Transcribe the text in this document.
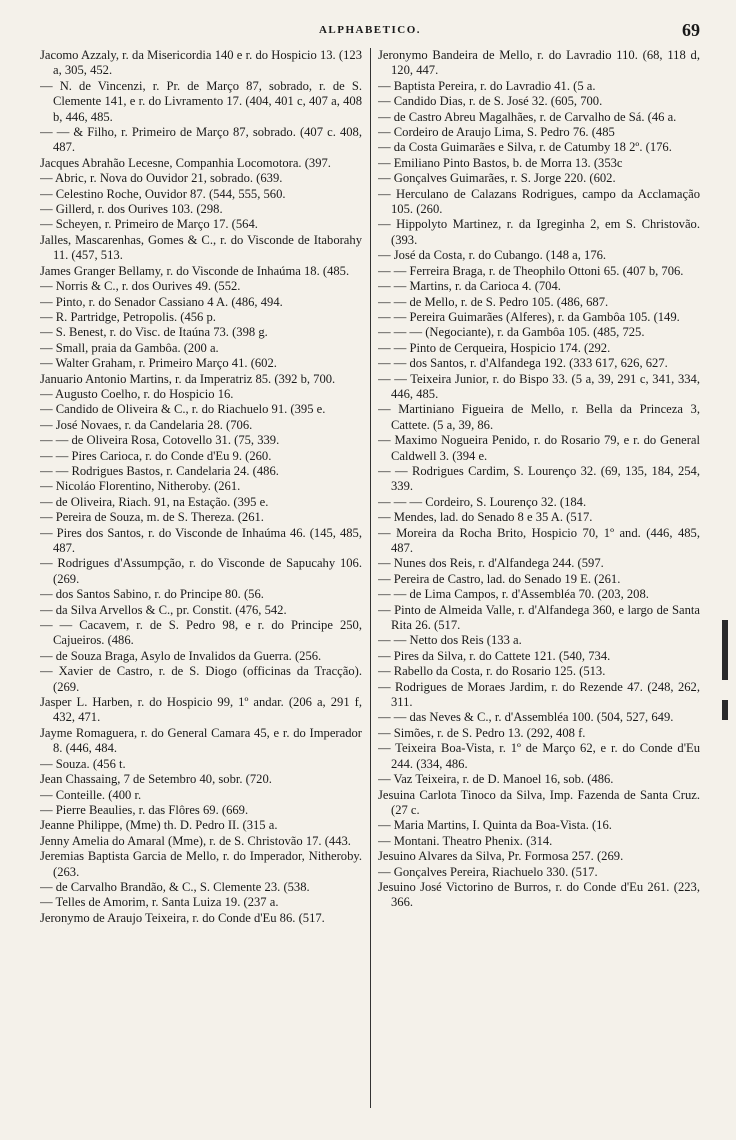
ALPHABETICO.	69

Jacomo Azzaly, r. da Misericordia 140 e r. do Hospicio 13. (123 a, 305, 452.

— N. de Vincenzi, r. Pr. de Março 87, sobrado, r. de S. Clemente 141, e r. do Livramento 17. (404, 401 c, 407 a, 408 b, 446, 485.

— — & Filho, r. Primeiro de Março 87, sobrado. (407 c. 408, 487.

Jacques Abrahão Lecesne, Companhia Locomotora. (397.

— Abric, r. Nova do Ouvidor 21, sobrado. (639.

— Celestino Roche, Ouvidor 87. (544, 555, 560.

— Gillerd, r. dos Ourives 103. (298.

— Scheyen, r. Primeiro de Março 17. (564.

Jalles, Mascarenhas, Gomes & C., r. do Visconde de Itaborahy 11. (457, 513.

James Granger Bellamy, r. do Visconde de Inhaúma 18. (485.

— Norris & C., r. dos Ourives 49. (552.

— Pinto, r. do Senador Cassiano 4 A. (486, 494.

— R. Partridge, Petropolis. (456 p.

— S. Benest, r. do Visc. de Itaúna 73. (398 g.

— Small, praia da Gambôa. (200 a.

— Walter Graham, r. Primeiro Março 41. (602.

Januario Antonio Martins, r. da Imperatriz 85. (392 b, 700.

— Augusto Coelho, r. do Hospicio 16.

— Candido de Oliveira & C., r. do Riachuelo 91. (395 e.

— José Novaes, r. da Candelaria 28. (706.

— — de Oliveira Rosa, Cotovello 31. (75, 339.

— — Pires Carioca, r. do Conde d'Eu 9. (260.

— — Rodrigues Bastos, r. Candelaria 24. (486.

— Nicoláo Florentino, Nitheroby. (261.

— de Oliveira, Riach. 91, na Estação. (395 e.

— Pereira de Souza, m. de S. Thereza. (261.

— Pires dos Santos, r. do Visconde de Inhaúma 46. (145, 485, 487.

— Rodrigues d'Assumpção, r. do Visconde de Sapucahy 106. (269.

— dos Santos Sabino, r. do Principe 80. (56.

— da Silva Arvellos & C., pr. Constit. (476, 542.

— — Cacavem, r. de S. Pedro 98, e r. do Principe 250, Cajueiros. (486.

— de Souza Braga, Asylo de Invalidos da Guerra. (256.

— Xavier de Castro, r. de S. Diogo (officinas da Tracção). (269.

Jasper L. Harben, r. do Hospicio 99, 1º andar. (206 a, 291 f, 432, 471.

Jayme Romaguera, r. do General Camara 45, e r. do Imperador 8. (446, 484.

— Souza. (456 t.

Jean Chassaing, 7 de Setembro 40, sobr. (720.

— Conteille. (400 r.

— Pierre Beaulies, r. das Flôres 69. (669.

Jeanne Philippe, (Mme) th. D. Pedro II. (315 a.

Jenny Amelia do Amaral (Mme), r. de S. Christovão 17. (443.

Jeremias Baptista Garcia de Mello, r. do Imperador, Nitheroby. (263.

— de Carvalho Brandão, & C., S. Clemente 23. (538.

— Telles de Amorim, r. Santa Luiza 19. (237 a.

Jeronymo de Araujo Teixeira, r. do Conde d'Eu 86. (517.

Jeronymo Bandeira de Mello, r. do Lavradio 110. (68, 118 d, 120, 447.

— Baptista Pereira, r. do Lavradio 41. (5 a.

— Candido Dias, r. de S. José 32. (605, 700.

— de Castro Abreu Magalhães, r. de Carvalho de Sá. (46 a.

— Cordeiro de Araujo Lima, S. Pedro 76. (485

— da Costa Guimarães e Silva, r. de Catumby 18 2º. (176.

— Emiliano Pinto Bastos, b. de Morra 13. (353c

— Gonçalves Guimarães, r. S. Jorge 220. (602.

— Herculano de Calazans Rodrigues, campo da Acclamação 105. (260.

— Hippolyto Martinez, r. da Igreginha 2, em S. Christovão. (393.

— José da Costa, r. do Cubango. (148 a, 176.

— — Ferreira Braga, r. de Theophilo Ottoni 65. (407 b, 706.

— — Martins, r. da Carioca 4. (704.

— — de Mello, r. de S. Pedro 105. (486, 687.

— — Pereira Guimarães (Alferes), r. da Gambôa 105. (149.

— — — (Negociante), r. da Gambôa 105. (485, 725.

— — Pinto de Cerqueira, Hospicio 174. (292.

— — dos Santos, r. d'Alfandega 192. (333 617, 626, 627.

— — Teixeira Junior, r. do Bispo 33. (5 a, 39, 291 c, 341, 334, 446, 485.

— Martiniano Figueira de Mello, r. Bella da Princeza 3, Cattete. (5 a, 39, 86.

— Maximo Nogueira Penido, r. do Rosario 79, e r. do General Caldwell 3. (394 e.

— — Rodrigues Cardim, S. Lourenço 32. (69, 135, 184, 254, 339.

— — — Cordeiro, S. Lourenço 32. (184.

— Mendes, lad. do Senado 8 e 35 A. (517.

— Moreira da Rocha Brito, Hospicio 70, 1º and. (446, 485, 487.

— Nunes dos Reis, r. d'Alfandega 244. (597.

— Pereira de Castro, lad. do Senado 19 E. (261.

— — de Lima Campos, r. d'Assembléa 70. (203, 208.

— Pinto de Almeida Valle, r. d'Alfandega 360, e largo de Santa Rita 26. (517.

— — Netto dos Reis (133 a.

— Pires da Silva, r. do Cattete 121. (540, 734.

— Rabello da Costa, r. do Rosario 125. (513.

— Rodrigues de Moraes Jardim, r. do Rezende 47. (248, 262, 311.

— — das Neves & C., r. d'Assembléa 100. (504, 527, 649.

— Simões, r. de S. Pedro 13. (292, 408 f.

— Teixeira Boa-Vista, r. 1º de Março 62, e r. do Conde d'Eu 244. (334, 486.

— Vaz Teixeira, r. de D. Manoel 16, sob. (486.

Jesuina Carlota Tinoco da Silva, Imp. Fazenda de Santa Cruz. (27 c.

— Maria Martins, I. Quinta da Boa-Vista. (16.

— Montani. Theatro Phenix. (314.

Jesuino Alvares da Silva, Pr. Formosa 257. (269.

— Gonçalves Pereira, Riachuelo 330. (517.

Jesuino José Victorino de Burros, r. do Conde d'Eu 261. (223, 366.
